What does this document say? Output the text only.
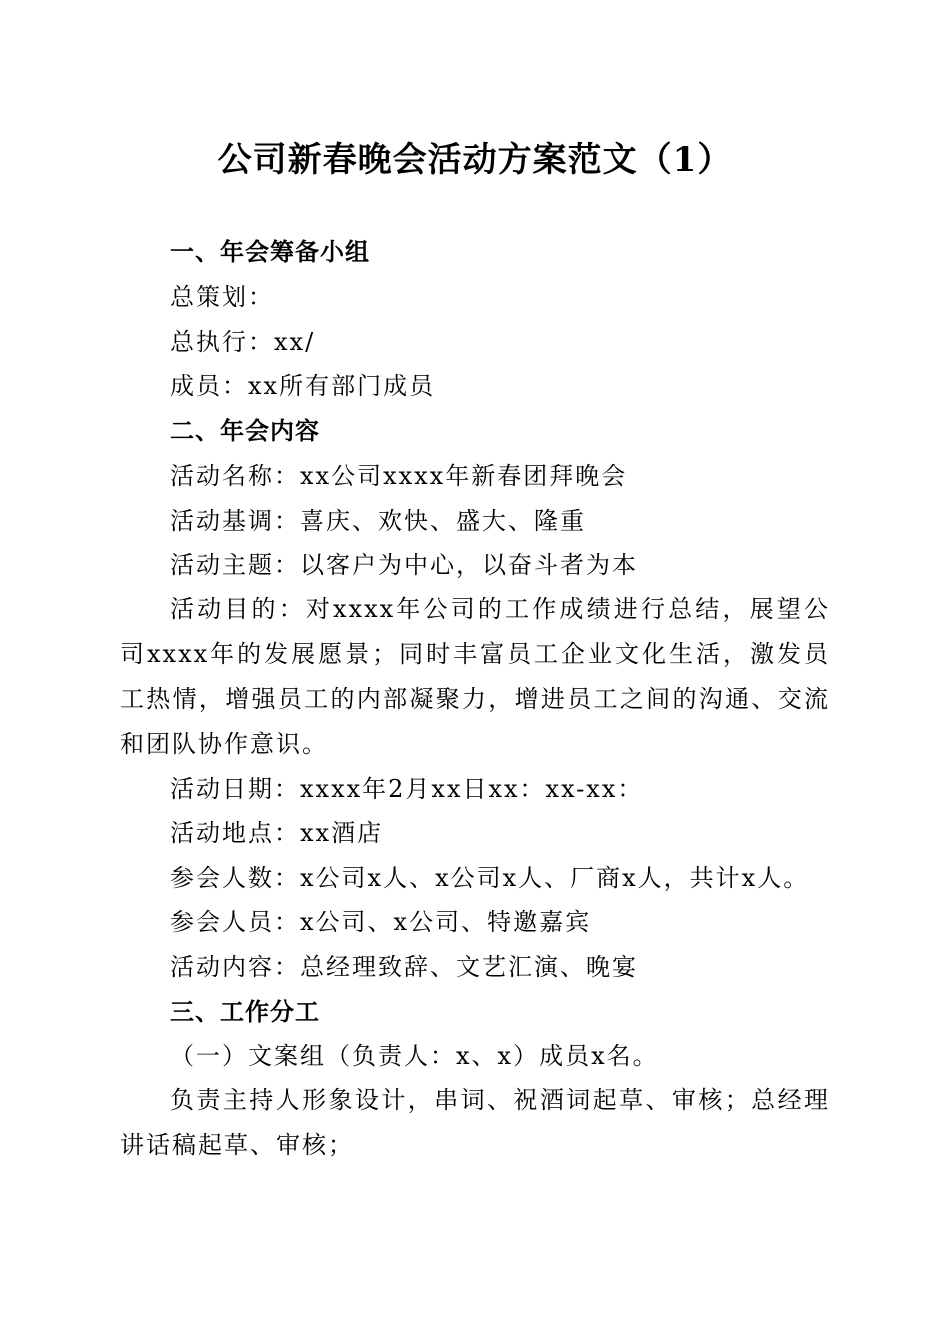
公司新春晚会活动方案范文（1）
一、年会筹备小组
总策划：
总执行：xx/
成员：xx所有部门成员
二、年会内容
活动名称：xx公司xxxx年新春团拜晚会
活动基调：喜庆、欢快、盛大、隆重
活动主题：以客户为中心，以奋斗者为本
活动目的：对xxxx年公司的工作成绩进行总结，展望公司xxxx年的发展愿景；同时丰富员工企业文化生活，激发员工热情，增强员工的内部凝聚力，增进员工之间的沟通、交流和团队协作意识。
活动日期：xxxx年2月xx日xx：xx-xx：
活动地点：xx酒店
参会人数：x公司x人、x公司x人、厂商x人，共计x人。
参会人员：x公司、x公司、特邀嘉宾
活动内容：总经理致辞、文艺汇演、晚宴
三、工作分工
（一）文案组（负责人：x、x）成员x名。
负责主持人形象设计，串词、祝酒词起草、审核；总经理讲话稿起草、审核；
